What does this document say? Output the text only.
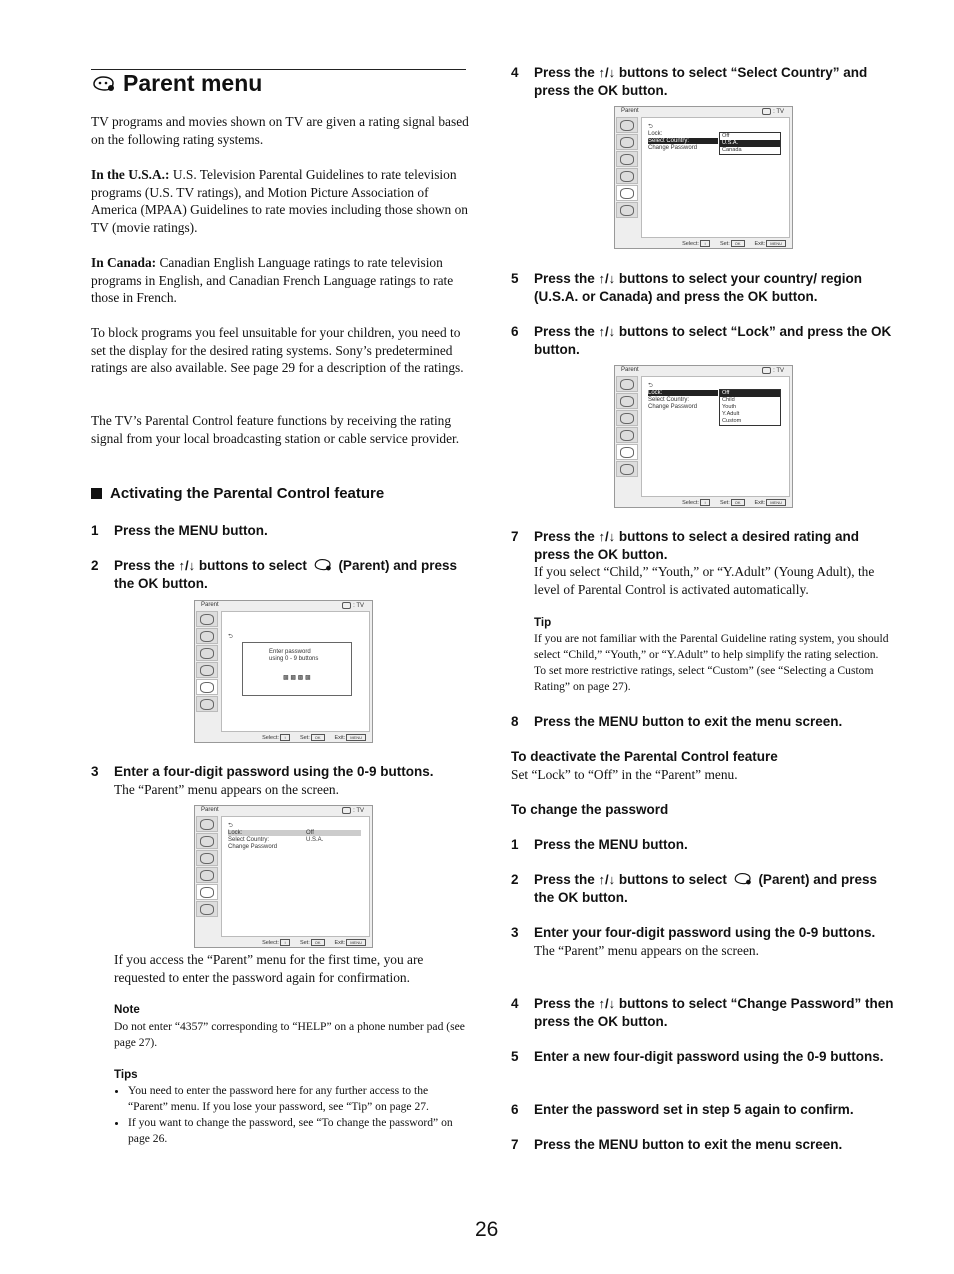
Parent menu
TV programs and movies shown on TV are given a rating signal based on the following rating systems.
In the U.S.A.: U.S. Television Parental Guidelines to rate television programs (U.S. TV ratings), and Motion Picture Association of America (MPAA) Guidelines to rate movies including those shown on TV (movie ratings).
In Canada: Canadian English Language ratings to rate television programs in English, and Canadian French Language ratings to rate those in French.
To block programs you feel unsuitable for your children, you need to set the display for the desired rating systems. Sony’s predetermined ratings are also available. See page 29 for a description of the ratings.
The TV’s Parental Control feature functions by receiving the rating signal from your local broadcasting station or cable service provider.
Activating the Parental Control feature
1 Press the MENU button.
2 Press the ↑/↓ buttons to select  (Parent) and press the OK button.
Parent	: TV
⮌
Enter password
using 0 - 9 buttons
▩ ▩ ▩ ▩
Select: ↕	Set: OK	Exit: MENU
3 Enter a four-digit password using the 0-9 buttons.
The “Parent” menu appears on the screen.
Parent	: TV
⮌
Lock:	Off
Select Country:	U.S.A.
Change Password
Select: ↕	Set: OK	Exit: MENU
If you access the “Parent” menu for the first time, you are requested to enter the password again for confirmation.
Note
Do not enter “4357” corresponding to “HELP” on a phone number pad (see page 27).
Tips
• You need to enter the password here for any further access to the “Parent” menu. If you lose your password, see “Tip” on page 27.
• If you want to change the password, see “To change the password” on page 26.
4 Press the ↑/↓ buttons to select “Select Country” and press the OK button.
Parent	: TV
⮌
Lock:
Select Country:
Change Password
Off
U.S.A.
Canada
Select: ↕	Set: OK	Exit: MENU
5 Press the ↑/↓ buttons to select your country/ region (U.S.A. or Canada) and press the OK button.
6 Press the ↑/↓ buttons to select “Lock” and press the OK button.
Parent	: TV
⮌
Lock:
Select Country:
Change Password
Off
Child
Youth
Y.Adult
Custom
Select: ↕	Set: OK	Exit: MENU
7 Press the ↑/↓ buttons to select a desired rating and press the OK button.
If you select “Child,” “Youth,” or “Y.Adult” (Young Adult), the level of Parental Control is activated automatically.
Tip
If you are not familiar with the Parental Guideline rating system, you should select “Child,” “Youth,” or “Y.Adult” to help simplify the rating selection. To set more restrictive ratings, select “Custom” (see “Selecting a Custom Rating” on page 27).
8 Press the MENU button to exit the menu screen.
To deactivate the Parental Control feature
Set “Lock” to “Off” in the “Parent” menu.
To change the password
1 Press the MENU button.
2 Press the ↑/↓ buttons to select  (Parent) and press the OK button.
3 Enter your four-digit password using the 0-9 buttons.
The “Parent” menu appears on the screen.
4 Press the ↑/↓ buttons to select “Change Password” then press the OK button.
5 Enter a new four-digit password using the 0-9 buttons.
6 Enter the password set in step 5 again to confirm.
7 Press the MENU button to exit the menu screen.
26
